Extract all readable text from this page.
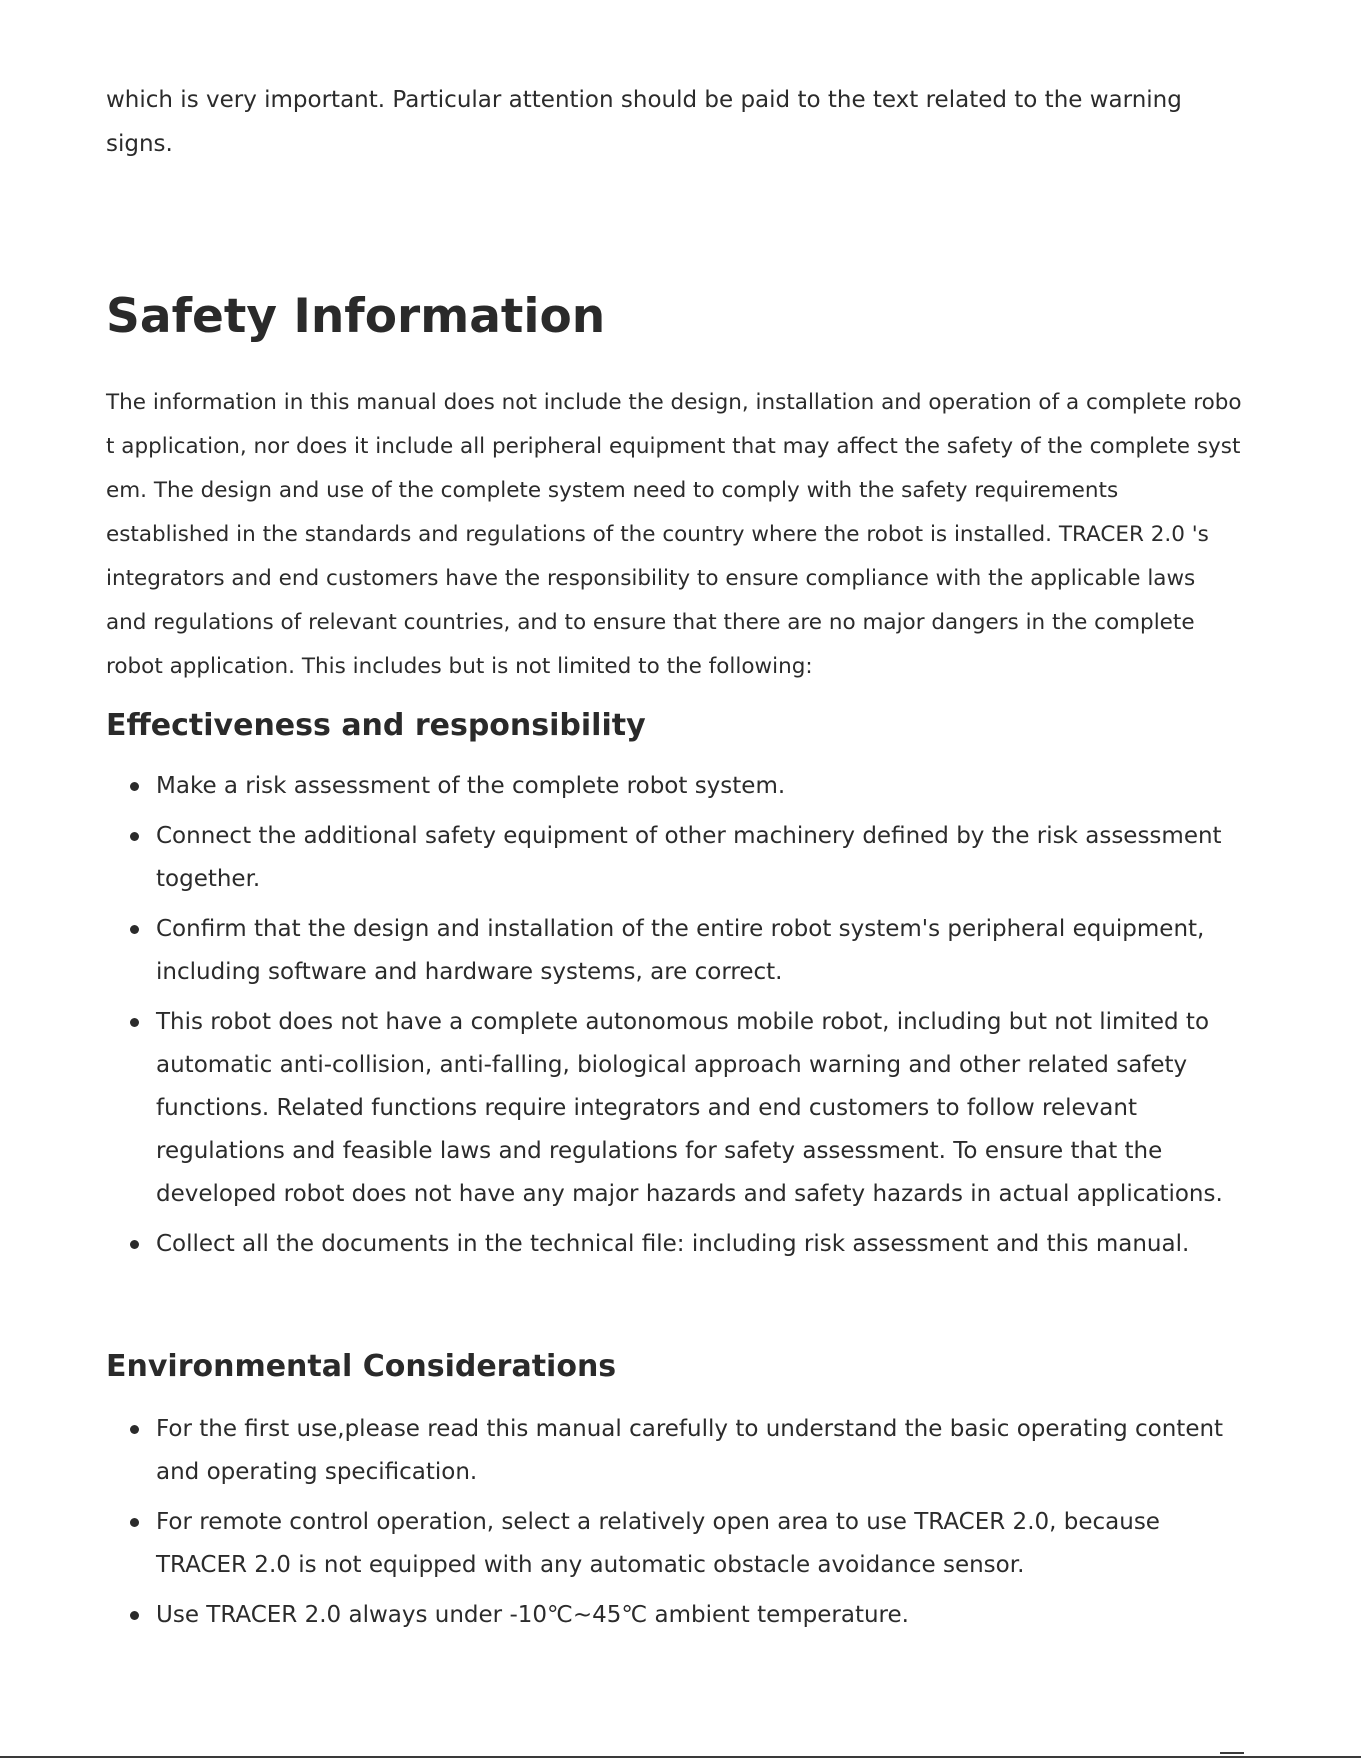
which is very important. Particular attention should be paid to the text related to the warning
signs.

Safety Information

The information in this manual does not include the design, installation and operation of a complete robo
t application, nor does it include all peripheral equipment that may affect the safety of the complete syst
em. The design and use of the complete system need to comply with the safety requirements
established in the standards and regulations of the country where the robot is installed. TRACER 2.0 's
integrators and end customers have the responsibility to ensure compliance with the applicable laws
and regulations of relevant countries, and to ensure that there are no major dangers in the complete
robot application. This includes but is not limited to the following:

Effectiveness and responsibility
Make a risk assessment of the complete robot system.
Connect the additional safety equipment of other machinery defined by the risk assessment
together.
Confirm that the design and installation of the entire robot system's peripheral equipment,
including software and hardware systems, are correct.
This robot does not have a complete autonomous mobile robot, including but not limited to
automatic anti-collision, anti-falling, biological approach warning and other related safety
functions. Related functions require integrators and end customers to follow relevant
regulations and feasible laws and regulations for safety assessment. To ensure that the
developed robot does not have any major hazards and safety hazards in actual applications.
Collect all the documents in the technical file: including risk assessment and this manual.
Environmental Considerations
For the first use,please read this manual carefully to understand the basic operating content
and operating specification.
For remote control operation, select a relatively open area to use TRACER 2.0, because
TRACER 2.0 is not equipped with any automatic obstacle avoidance sensor.
Use TRACER 2.0 always under -10℃~45℃ ambient temperature.
